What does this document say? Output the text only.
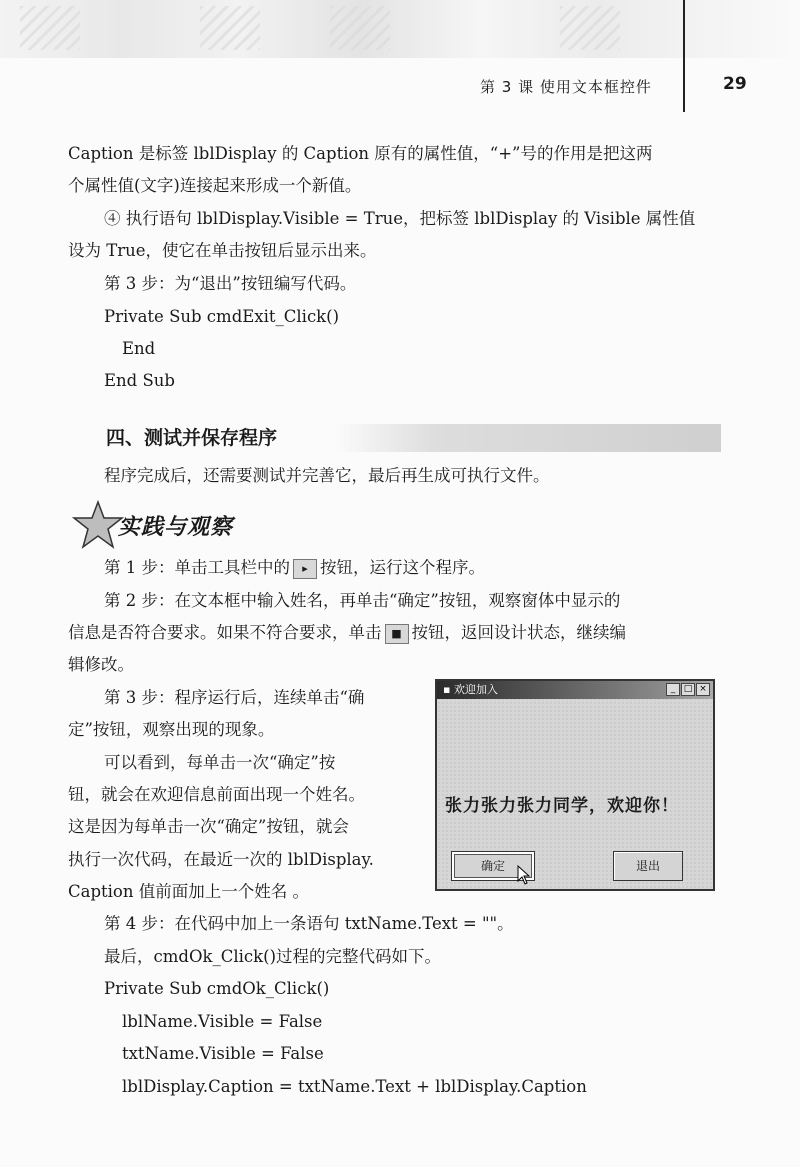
第 3 课 使用文本框控件	29
Caption 是标签 lblDisplay 的 Caption 原有的属性值，“+”号的作用是把这两
个属性值(文字)连接起来形成一个新值。
④ 执行语句 lblDisplay.Visible = True，把标签 lblDisplay 的 Visible 属性值
设为 True，使它在单击按钮后显示出来。
第 3 步：为“退出”按钮编写代码。
Private Sub cmdExit_Click()
End
End Sub
四、测试并保存程序
程序完成后，还需要测试并完善它，最后再生成可执行文件。
实践与观察
第 1 步：单击工具栏中的 ▸ 按钮，运行这个程序。
第 2 步：在文本框中输入姓名，再单击“确定”按钮，观察窗体中显示的
信息是否符合要求。如果不符合要求，单击 ■ 按钮，返回设计状态，继续编
辑修改。
第 3 步：程序运行后，连续单击“确
定”按钮，观察出现的现象。
可以看到，每单击一次“确定”按
钮，就会在欢迎信息前面出现一个姓名。
这是因为每单击一次“确定”按钮，就会
执行一次代码，在最近一次的 lblDisplay.
Caption 值前面加上一个姓名 。
▪ 欢迎加入	_ □ ×
张力张力张力同学，欢迎你！
确定	退出
第 4 步：在代码中加上一条语句 txtName.Text = ""。
最后，cmdOk_Click()过程的完整代码如下。
Private Sub cmdOk_Click()
lblName.Visible = False
txtName.Visible = False
lblDisplay.Caption = txtName.Text + lblDisplay.Caption
